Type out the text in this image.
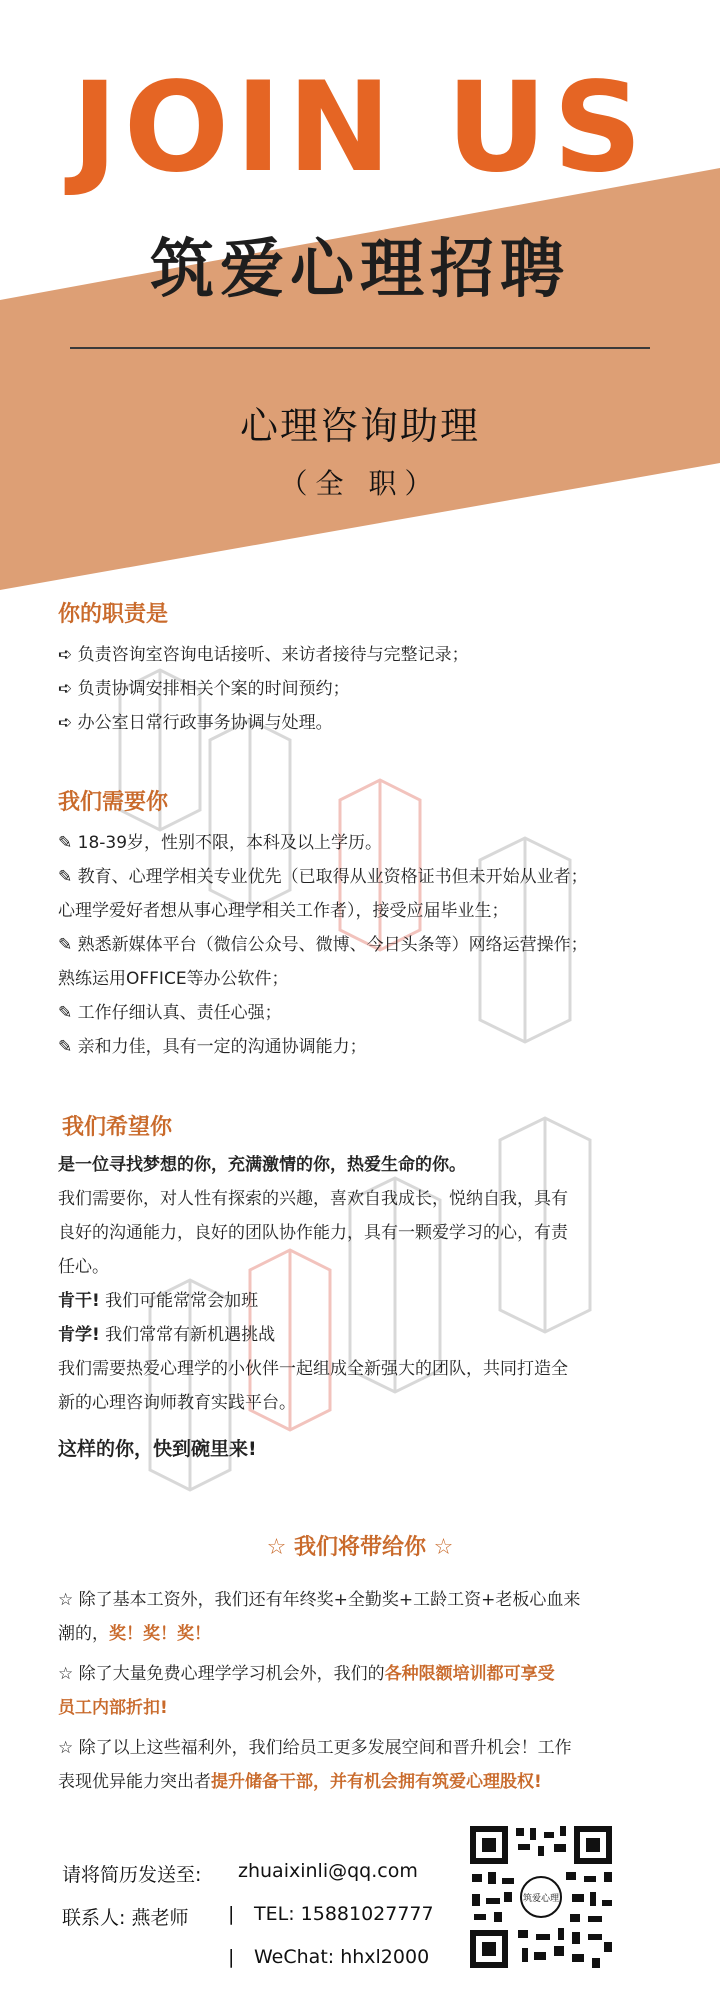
JOIN US
筑爱心理招聘
心理咨询助理
（全 职）
你的职责是
➪ 负责咨询室咨询电话接听、来访者接待与完整记录；
➪ 负责协调安排相关个案的时间预约；
➪ 办公室日常行政事务协调与处理。
我们需要你
✎ 18-39岁，性别不限，本科及以上学历。
✎ 教育、心理学相关专业优先（已取得从业资格证书但未开始从业者；
心理学爱好者想从事心理学相关工作者），接受应届毕业生；
✎ 熟悉新媒体平台（微信公众号、微博、今日头条等）网络运营操作；
熟练运用OFFICE等办公软件；
✎ 工作仔细认真、责任心强；
✎ 亲和力佳，具有一定的沟通协调能力；
我们希望你
是一位寻找梦想的你，充满激情的你，热爱生命的你。
我们需要你，对人性有探索的兴趣，喜欢自我成长，悦纳自我，具有
良好的沟通能力，良好的团队协作能力，具有一颗爱学习的心，有责
任心。
肯干! 我们可能常常会加班
肯学! 我们常常有新机遇挑战
我们需要热爱心理学的小伙伴一起组成全新强大的团队，共同打造全
新的心理咨询师教育实践平台。
这样的你，快到碗里来!
☆ 我们将带给你 ☆
☆ 除了基本工资外，我们还有年终奖+全勤奖+工龄工资+老板心血来
潮的，奖！奖！奖！
☆ 除了大量免费心理学学习机会外，我们的各种限额培训都可享受
员工内部折扣!
☆ 除了以上这些福利外，我们给员工更多发展空间和晋升机会！工作
表现优异能力突出者提升储备干部，并有机会拥有筑爱心理股权!
请将简历发送至: zhuaixinli@qq.com
联系人: 燕老师 | TEL: 15881027777
| WeChat: hhxl2000
筑爱心理
